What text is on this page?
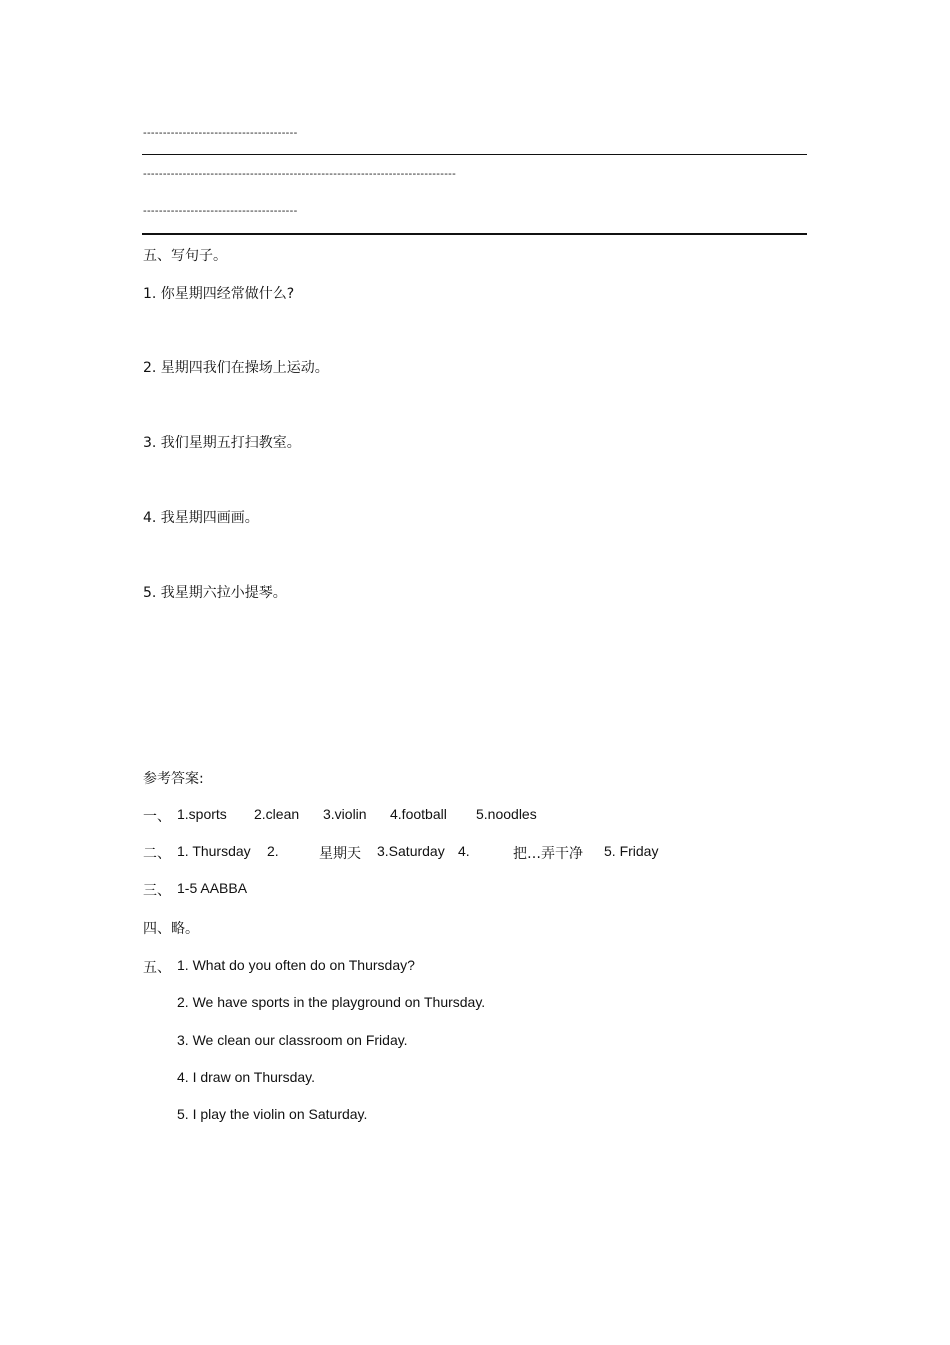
---------------------------------------
-------------------------------------------------------------------------------
---------------------------------------
五、写句子。
1. 你星期四经常做什么?
2. 星期四我们在操场上运动。
3. 我们星期五打扫教室。
4. 我星期四画画。
5. 我星期六拉小提琴。
参考答案:
一、 1.sports 2.clean 3.violin 4.football 5.noodles
二、 1. Thursday 2.	星期天 3.Saturday 4.	把…弄干净 5. Friday
三、 1-5 AABBA
四、略。
五、 1. What do you often do on Thursday?
2. We have sports in the playground on Thursday.
3. We clean our classroom on Friday.
4. I draw on Thursday.
5. I play the violin on Saturday.
